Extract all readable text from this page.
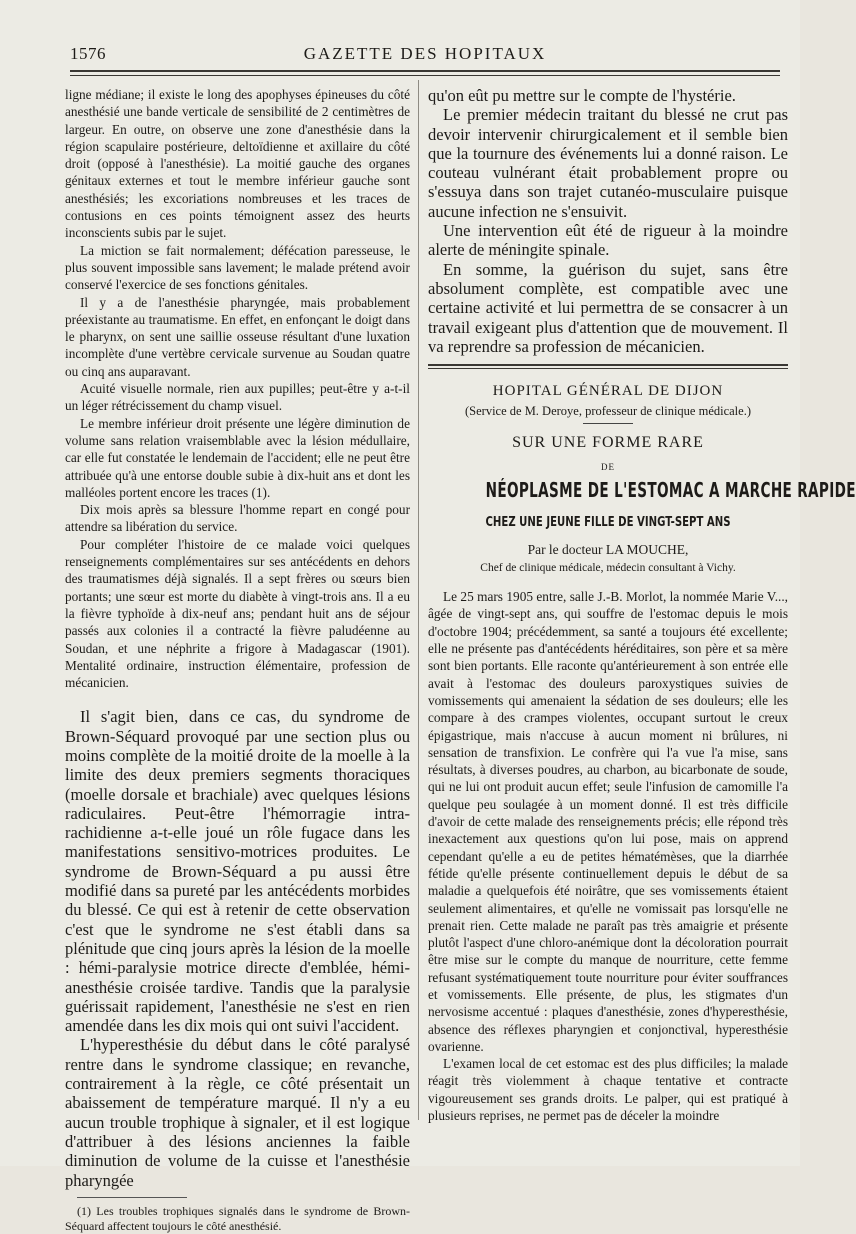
1576	GAZETTE DES HOPITAUX

ligne médiane; il existe le long des apophyses épineuses du côté anesthésié une bande verticale de sensibilité de 2 centimètres de largeur. En outre, on observe une zone d'anesthésie dans la région scapulaire postérieure, deltoïdienne et axillaire du côté droit (opposé à l'anesthésie). La moitié gauche des organes génitaux externes et tout le membre inférieur gauche sont anesthésiés; les excoriations nombreuses et les traces de contusions en ces points témoignent assez des heurts inconscients subis par le sujet.

La miction se fait normalement; défécation paresseuse, le plus souvent impossible sans lavement; le malade prétend avoir conservé l'exercice de ses fonctions génitales.

Il y a de l'anesthésie pharyngée, mais probablement préexistante au traumatisme. En effet, en enfonçant le doigt dans le pharynx, on sent une saillie osseuse résultant d'une luxation incomplète d'une vertèbre cervicale survenue au Soudan quatre ou cinq ans auparavant.

Acuité visuelle normale, rien aux pupilles; peut-être y a-t-il un léger rétrécissement du champ visuel.

Le membre inférieur droit présente une légère diminution de volume sans relation vraisemblable avec la lésion médullaire, car elle fut constatée le lendemain de l'accident; elle ne peut être attribuée qu'à une entorse double subie à dix-huit ans et dont les malléoles portent encore les traces (1).

Dix mois après sa blessure l'homme repart en congé pour attendre sa libération du service.

Pour compléter l'histoire de ce malade voici quelques renseignements complémentaires sur ses antécédents en dehors des traumatismes déjà signalés. Il a sept frères ou sœurs bien portants; une sœur est morte du diabète à vingt-trois ans. Il a eu la fièvre typhoïde à dix-neuf ans; pendant huit ans de séjour passés aux colonies il a contracté la fièvre paludéenne au Soudan, et une néphrite a frigore à Madagascar (1901). Mentalité ordinaire, instruction élémentaire, profession de mécanicien.

Il s'agit bien, dans ce cas, du syndrome de Brown-Séquard provoqué par une section plus ou moins complète de la moitié droite de la moelle à la limite des deux premiers segments thoraciques (moelle dorsale et brachiale) avec quelques lésions radiculaires. Peut-être l'hémorragie intra-rachidienne a-t-elle joué un rôle fugace dans les manifestations sensitivo-motrices produites. Le syndrome de Brown-Séquard a pu aussi être modifié dans sa pureté par les antécédents morbides du blessé. Ce qui est à retenir de cette observation c'est que le syndrome ne s'est établi dans sa plénitude que cinq jours après la lésion de la moelle : hémi-paralysie motrice directe d'emblée, hémi-anesthésie croisée tardive. Tandis que la paralysie guérissait rapidement, l'anesthésie ne s'est en rien amendée dans les dix mois qui ont suivi l'accident.

L'hyperesthésie du début dans le côté paralysé rentre dans le syndrome classique; en revanche, contrairement à la règle, ce côté présentait un abaissement de température marqué. Il n'y a eu aucun trouble trophique à signaler, et il est logique d'attribuer à des lésions anciennes la faible diminution de volume de la cuisse et l'anesthésie pharyngée

(1) Les troubles trophiques signalés dans le syndrome de Brown-Séquard affectent toujours le côté anesthésié.

qu'on eût pu mettre sur le compte de l'hystérie.

Le premier médecin traitant du blessé ne crut pas devoir intervenir chirurgicalement et il semble bien que la tournure des événements lui a donné raison. Le couteau vulnérant était probablement propre ou s'essuya dans son trajet cutanéo-musculaire puisque aucune infection ne s'ensuivit.

Une intervention eût été de rigueur à la moindre alerte de méningite spinale.

En somme, la guérison du sujet, sans être absolument complète, est compatible avec une certaine activité et lui permettra de se consacrer à un travail exigeant plus d'attention que de mouvement. Il va reprendre sa profession de mécanicien.

HOPITAL GÉNÉRAL DE DIJON
(Service de M. Deroye, professeur de clinique médicale.)
SUR UNE FORME RARE
DE
NÉOPLASME DE L'ESTOMAC A MARCHE RAPIDE
CHEZ UNE JEUNE FILLE DE VINGT-SEPT ANS
Par le docteur LA MOUCHE,
Chef de clinique médicale, médecin consultant à Vichy.

Le 25 mars 1905 entre, salle J.-B. Morlot, la nommée Marie V..., âgée de vingt-sept ans, qui souffre de l'estomac depuis le mois d'octobre 1904; précédemment, sa santé a toujours été excellente; elle ne présente pas d'antécédents héréditaires, son père et sa mère sont bien portants. Elle raconte qu'antérieurement à son entrée elle avait à l'estomac des douleurs paroxystiques suivies de vomissements qui amenaient la sédation de ses douleurs; elle les compare à des crampes violentes, occupant surtout le creux épigastrique, mais n'accuse à aucun moment ni brûlures, ni sensation de transfixion. Le confrère qui l'a vue l'a mise, sans résultats, à diverses poudres, au charbon, au bicarbonate de soude, qui ne lui ont produit aucun effet; seule l'infusion de camomille l'a quelque peu soulagée à un moment donné. Il est très difficile d'avoir de cette malade des renseignements précis; elle répond très inexactement aux questions qu'on lui pose, mais on apprend cependant qu'elle a eu de petites hématémèses, que la diarrhée fétide qu'elle présente continuellement depuis le début de sa maladie a quelquefois été noirâtre, que ses vomissements étaient seulement alimentaires, et qu'elle ne vomissait pas lorsqu'elle ne prenait rien. Cette malade ne paraît pas très amaigrie et présente plutôt l'aspect d'une chloro-anémique dont la décoloration pourrait être mise sur le compte du manque de nourriture, cette femme refusant systématiquement toute nourriture pour éviter souffrances et vomissements. Elle présente, de plus, les stigmates d'un nervosisme accentué : plaques d'anesthésie, zones d'hyperesthésie, absence des réflexes pharyngien et conjonctival, hyperesthésie ovarienne.

L'examen local de cet estomac est des plus difficiles; la malade réagit très violemment à chaque tentative et contracte vigoureusement ses grands droits. Le palper, qui est pratiqué à plusieurs reprises, ne permet pas de déceler la moindre
